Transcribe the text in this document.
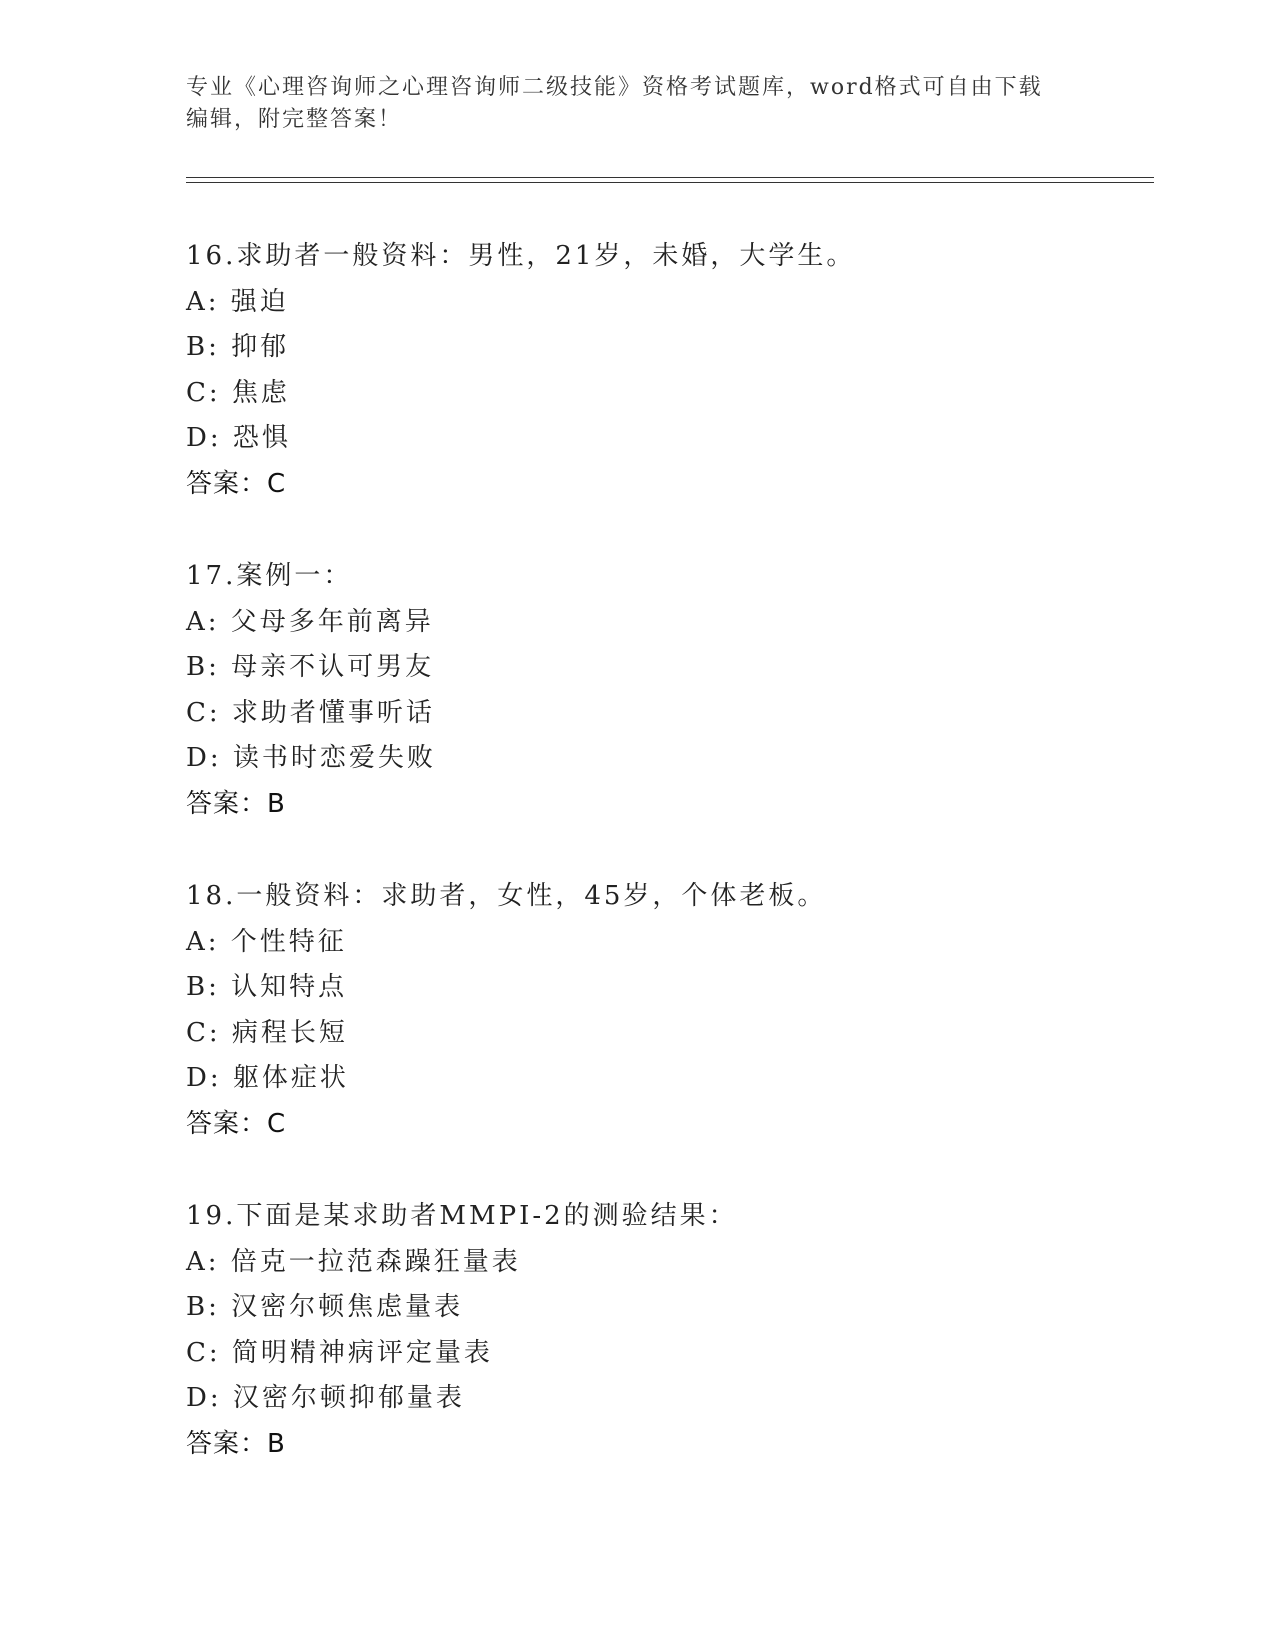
专业《心理咨询师之心理咨询师二级技能》资格考试题库，word格式可自由下载
编辑，附完整答案！
16.求助者一般资料：男性，21岁，未婚，大学生。
A: 强迫
B: 抑郁
C: 焦虑
D: 恐惧
答案：C
17.案例一：
A: 父母多年前离异
B: 母亲不认可男友
C: 求助者懂事听话
D: 读书时恋爱失败
答案：B
18.一般资料：求助者，女性，45岁，个体老板。
A: 个性特征
B: 认知特点
C: 病程长短
D: 躯体症状
答案：C
19.下面是某求助者MMPI-2的测验结果：
A: 倍克一拉范森躁狂量表
B: 汉密尔顿焦虑量表
C: 简明精神病评定量表
D: 汉密尔顿抑郁量表
答案：B
